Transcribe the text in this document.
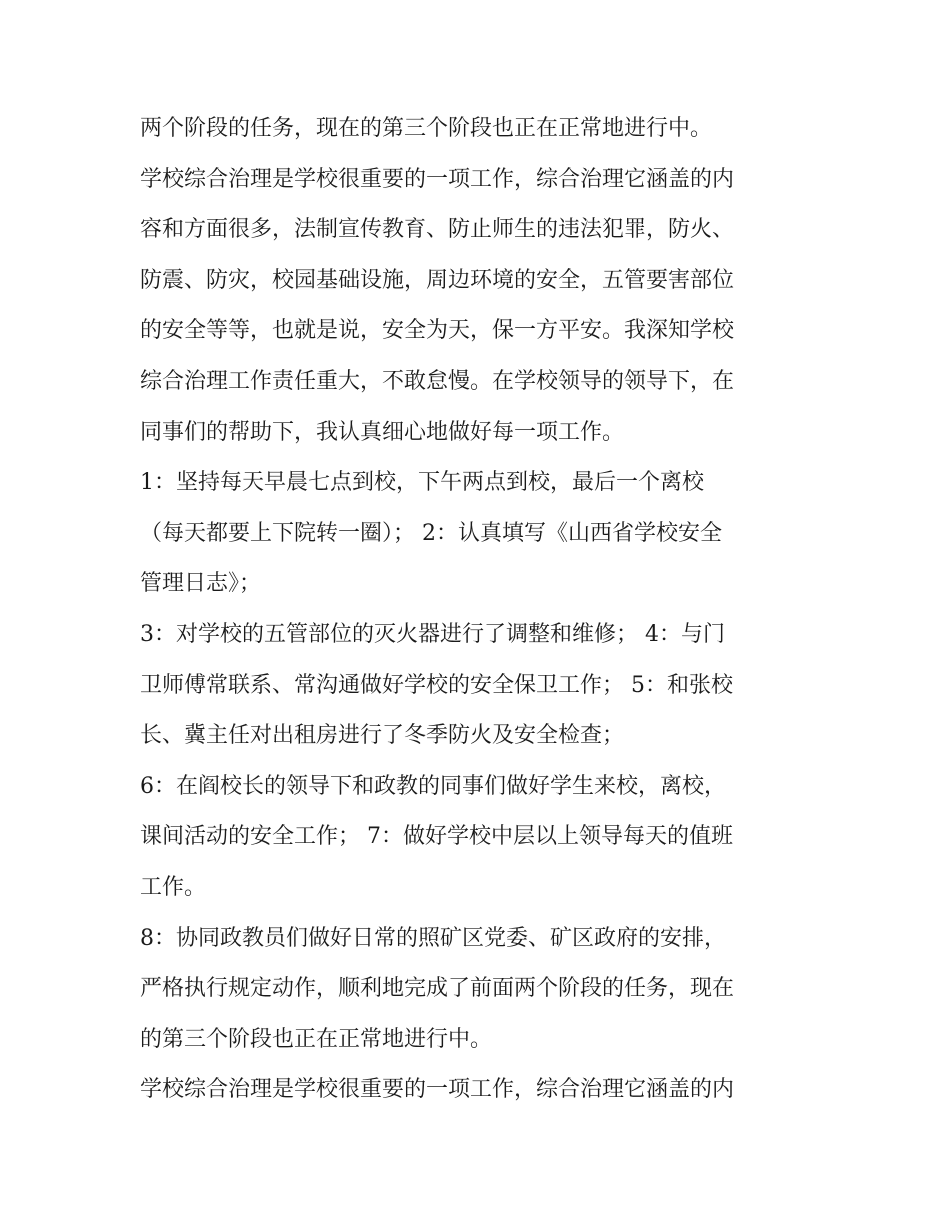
两个阶段的任务，现在的第三个阶段也正在正常地进行中。
学校综合治理是学校很重要的一项工作，综合治理它涵盖的内
容和方面很多，法制宣传教育、防止师生的违法犯罪，防火、
防震、防灾，校园基础设施，周边环境的安全，五管要害部位
的安全等等，也就是说，安全为天，保一方平安。我深知学校
综合治理工作责任重大，不敢怠慢。在学校领导的领导下，在
同事们的帮助下，我认真细心地做好每一项工作。
1：坚持每天早晨七点到校，下午两点到校，最后一个离校
（每天都要上下院转一圈）； 2：认真填写《山西省学校安全
管理日志》；
3：对学校的五管部位的灭火器进行了调整和维修； 4：与门
卫师傅常联系、常沟通做好学校的安全保卫工作； 5：和张校
长、冀主任对出租房进行了冬季防火及安全检查；
6：在阎校长的领导下和政教的同事们做好学生来校，离校，
课间活动的安全工作； 7：做好学校中层以上领导每天的值班
工作。
8：协同政教员们做好日常的照矿区党委、矿区政府的安排，
严格执行规定动作，顺利地完成了前面两个阶段的任务，现在
的第三个阶段也正在正常地进行中。
学校综合治理是学校很重要的一项工作，综合治理它涵盖的内
